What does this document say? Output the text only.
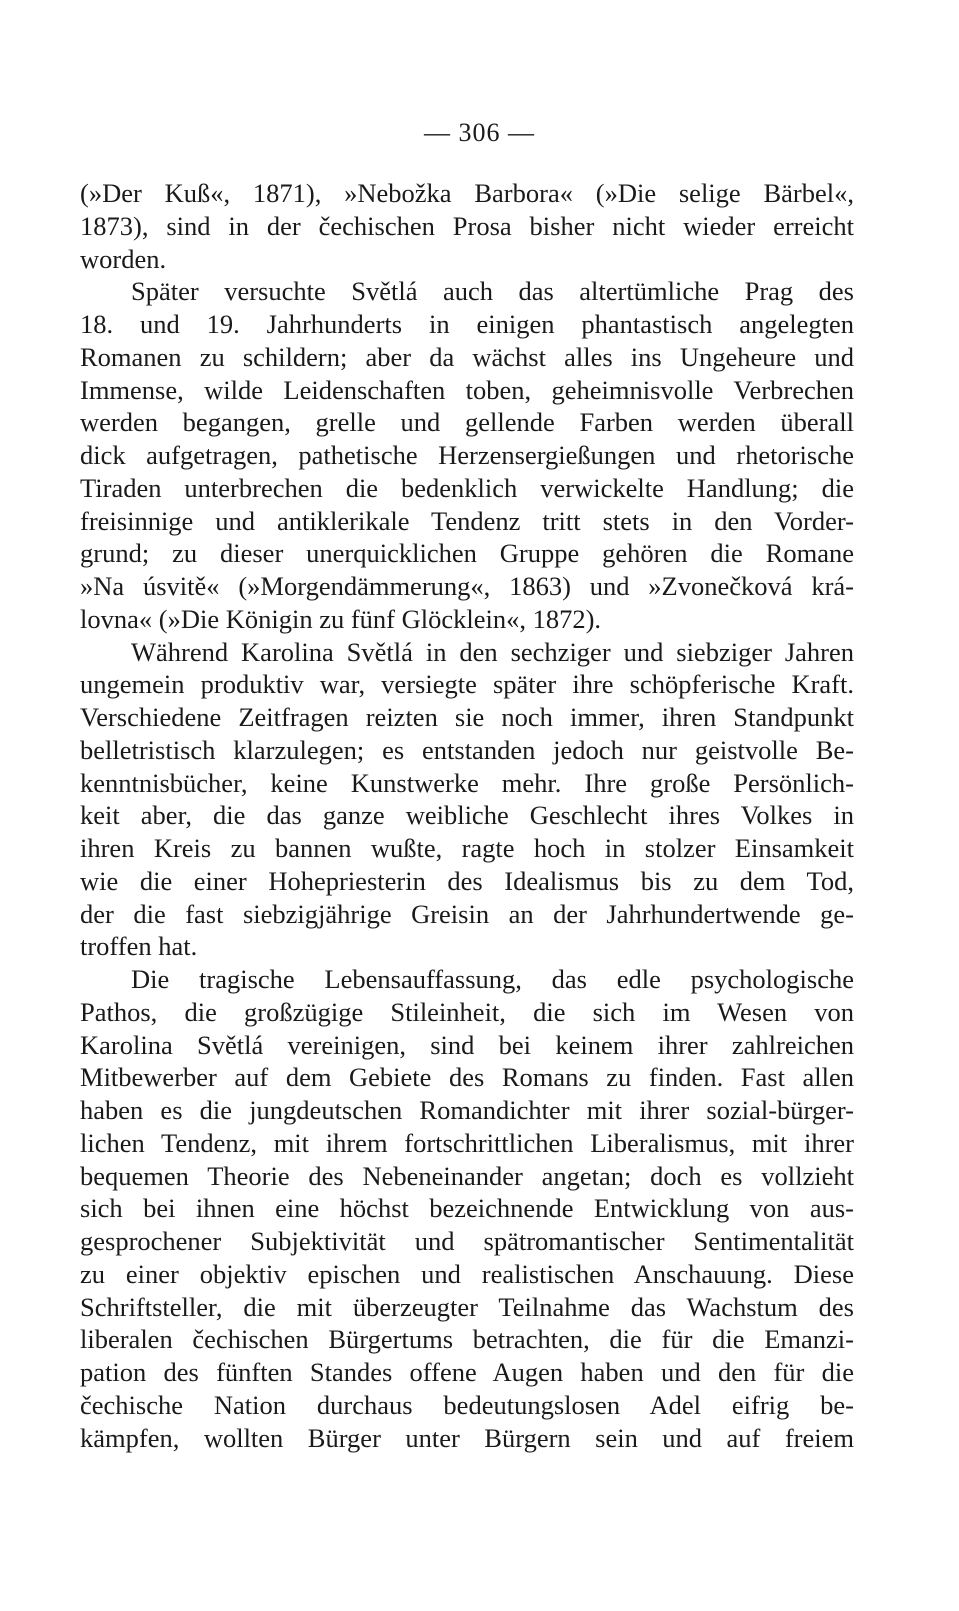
— 306 —
(»Der Kuß«, 1871), »Nebožka Barbora« (»Die selige Bärbel«,
1873), sind in der čechischen Prosa bisher nicht wieder erreicht
worden.
Später versuchte Světlá auch das altertümliche Prag des
18. und 19. Jahrhunderts in einigen phantastisch angelegten
Romanen zu schildern; aber da wächst alles ins Ungeheure und
Immense, wilde Leidenschaften toben, geheimnisvolle Verbrechen
werden begangen, grelle und gellende Farben werden überall
dick aufgetragen, pathetische Herzensergießungen und rhetorische
Tiraden unterbrechen die bedenklich verwickelte Handlung; die
freisinnige und antiklerikale Tendenz tritt stets in den Vorder-
grund; zu dieser unerquicklichen Gruppe gehören die Romane
»Na úsvitě« (»Morgendämmerung«, 1863) und »Zvonečková krá-
lovna« (»Die Königin zu fünf Glöcklein«, 1872).
Während Karolina Světlá in den sechziger und siebziger Jahren
ungemein produktiv war, versiegte später ihre schöpferische Kraft.
Verschiedene Zeitfragen reizten sie noch immer, ihren Standpunkt
belletristisch klarzulegen; es entstanden jedoch nur geistvolle Be-
kenntnisbücher, keine Kunstwerke mehr. Ihre große Persönlich-
keit aber, die das ganze weibliche Geschlecht ihres Volkes in
ihren Kreis zu bannen wußte, ragte hoch in stolzer Einsamkeit
wie die einer Hohepriesterin des Idealismus bis zu dem Tod,
der die fast siebzigjährige Greisin an der Jahrhundertwende ge-
troffen hat.
Die tragische Lebensauffassung, das edle psychologische
Pathos, die großzügige Stileinheit, die sich im Wesen von
Karolina Světlá vereinigen, sind bei keinem ihrer zahlreichen
Mitbewerber auf dem Gebiete des Romans zu finden. Fast allen
haben es die jungdeutschen Romandichter mit ihrer sozial-bürger-
lichen Tendenz, mit ihrem fortschrittlichen Liberalismus, mit ihrer
bequemen Theorie des Nebeneinander angetan; doch es vollzieht
sich bei ihnen eine höchst bezeichnende Entwicklung von aus-
gesprochener Subjektivität und spätromantischer Sentimentalität
zu einer objektiv epischen und realistischen Anschauung. Diese
Schriftsteller, die mit überzeugter Teilnahme das Wachstum des
liberalen čechischen Bürgertums betrachten, die für die Emanzi-
pation des fünften Standes offene Augen haben und den für die
čechische Nation durchaus bedeutungslosen Adel eifrig be-
kämpfen, wollten Bürger unter Bürgern sein und auf freiem
